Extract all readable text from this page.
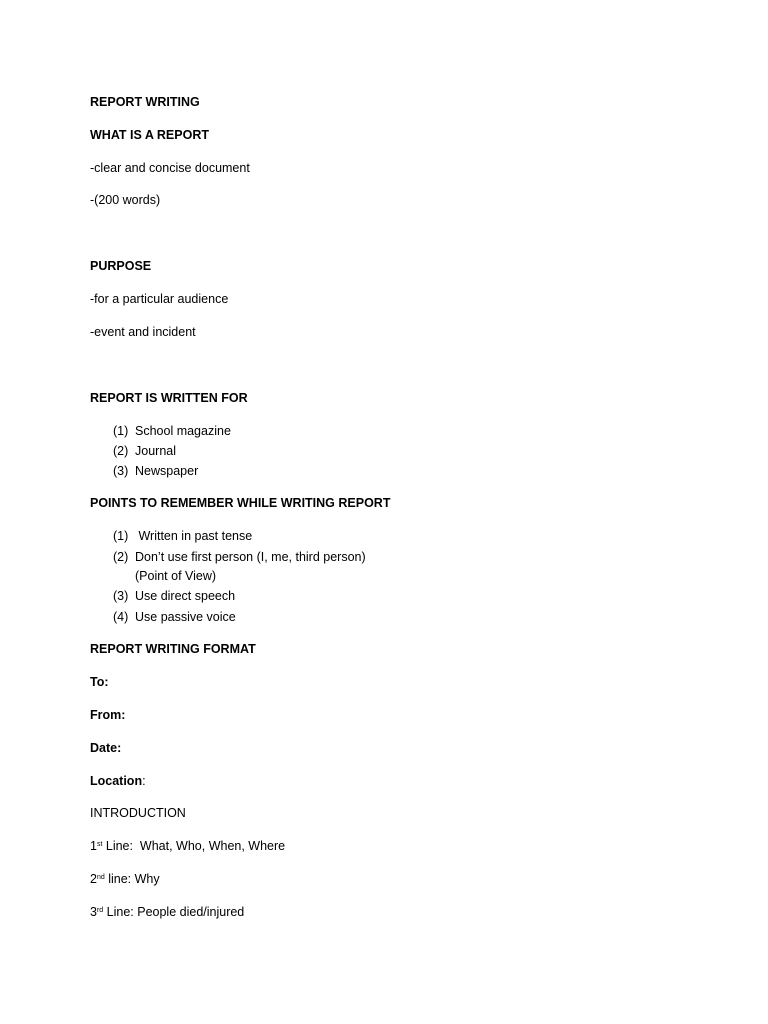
REPORT WRITING
WHAT IS A REPORT
-clear and concise document
-(200 words)
PURPOSE
-for a particular audience
-event and incident
REPORT IS WRITTEN FOR
(1) School magazine
(2) Journal
(3) Newspaper
POINTS TO REMEMBER WHILE WRITING REPORT
(1) Written in past tense
(2) Don’t use first person (I, me, third person)
(Point of View)
(3) Use direct speech
(4) Use passive voice
REPORT WRITING FORMAT
To:
From:
Date:
Location:
INTRODUCTION
1st Line:  What, Who, When, Where
2nd line: Why
3rd Line: People died/injured
